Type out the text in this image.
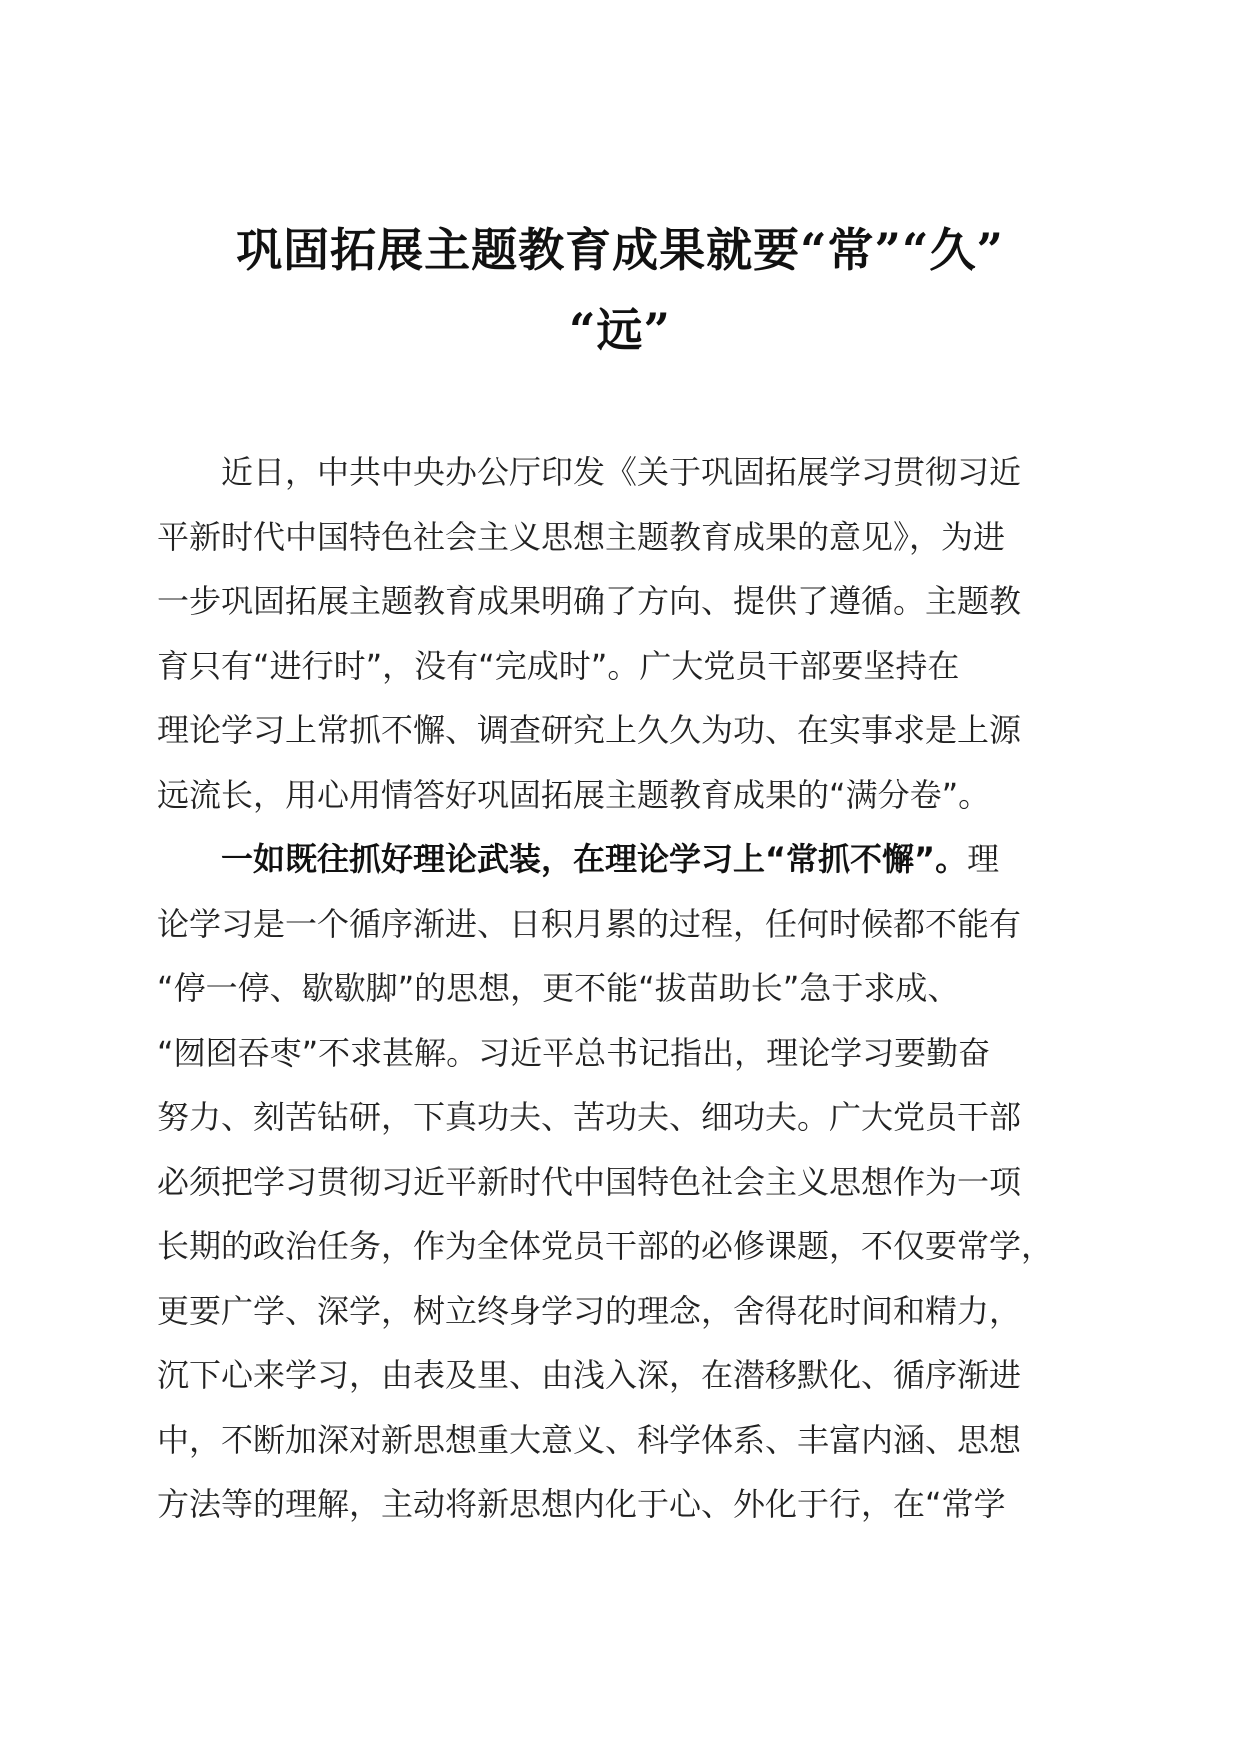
巩固拓展主题教育成果就要“常”“久”
“远”
近日，中共中央办公厅印发《关于巩固拓展学习贯彻习近
平新时代中国特色社会主义思想主题教育成果的意见》，为进
一步巩固拓展主题教育成果明确了方向、提供了遵循。主题教
育只有“进行时”，没有“完成时”。广大党员干部要坚持在
理论学习上常抓不懈、调查研究上久久为功、在实事求是上源
远流长，用心用情答好巩固拓展主题教育成果的“满分卷”。
一如既往抓好理论武装，在理论学习上“常抓不懈”。理
论学习是一个循序渐进、日积月累的过程，任何时候都不能有
“停一停、歇歇脚”的思想，更不能“拔苗助长”急于求成、
“囫囵吞枣”不求甚解。习近平总书记指出，理论学习要勤奋
努力、刻苦钻研，下真功夫、苦功夫、细功夫。广大党员干部
必须把学习贯彻习近平新时代中国特色社会主义思想作为一项
长期的政治任务，作为全体党员干部的必修课题，不仅要常学，
更要广学、深学，树立终身学习的理念，舍得花时间和精力，
沉下心来学习，由表及里、由浅入深，在潜移默化、循序渐进
中，不断加深对新思想重大意义、科学体系、丰富内涵、思想
方法等的理解，主动将新思想内化于心、外化于行，在“常学
